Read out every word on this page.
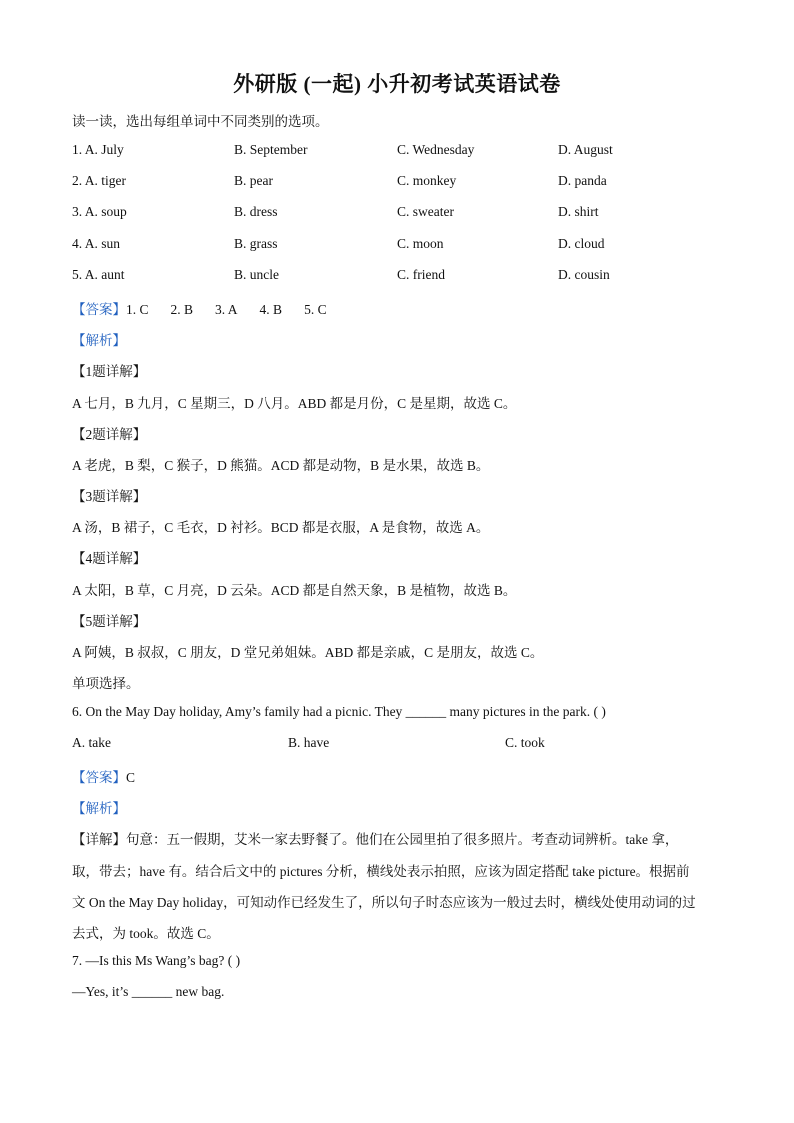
外研版 (一起) 小升初考试英语试卷
读一读，选出每组单词中不同类别的选项。
1. A. July	B. September	C. Wednesday	D. August
2. A. tiger	B. pear	C. monkey	D. panda
3. A. soup	B. dress	C. sweater	D. shirt
4. A. sun	B. grass	C. moon	D. cloud
5. A. aunt	B. uncle	C. friend	D. cousin
【答案】1. C 2. B 3. A 4. B 5. C
【解析】
【1题详解】
A 七月，B 九月，C 星期三，D 八月。ABD 都是月份，C 是星期，故选 C。
【2题详解】
A 老虎，B 梨，C 猴子，D 熊猫。ACD 都是动物，B 是水果，故选 B。
【3题详解】
A 汤，B 裙子，C 毛衣，D 衬衫。BCD 都是衣服，A 是食物，故选 A。
【4题详解】
A 太阳，B 草，C 月亮，D 云朵。ACD 都是自然天象，B 是植物，故选 B。
【5题详解】
A 阿姨，B 叔叔，C 朋友，D 堂兄弟姐妹。ABD 都是亲戚，C 是朋友，故选 C。
单项选择。
6. On the May Day holiday, Amy’s family had a picnic. They ______ many pictures in the park. ( )
A. take	B. have	C. took
【答案】C
【解析】
【详解】句意：五一假期，艾米一家去野餐了。他们在公园里拍了很多照片。考查动词辨析。take 拿，
取，带去；have 有。结合后文中的 pictures 分析，横线处表示拍照，应该为固定搭配 take picture。根据前
文 On the May Day holiday，可知动作已经发生了，所以句子时态应该为一般过去时，横线处使用动词的过
去式，为 took。故选 C。
7. —Is this Ms Wang’s bag? ( )
—Yes, it’s ______ new bag.
